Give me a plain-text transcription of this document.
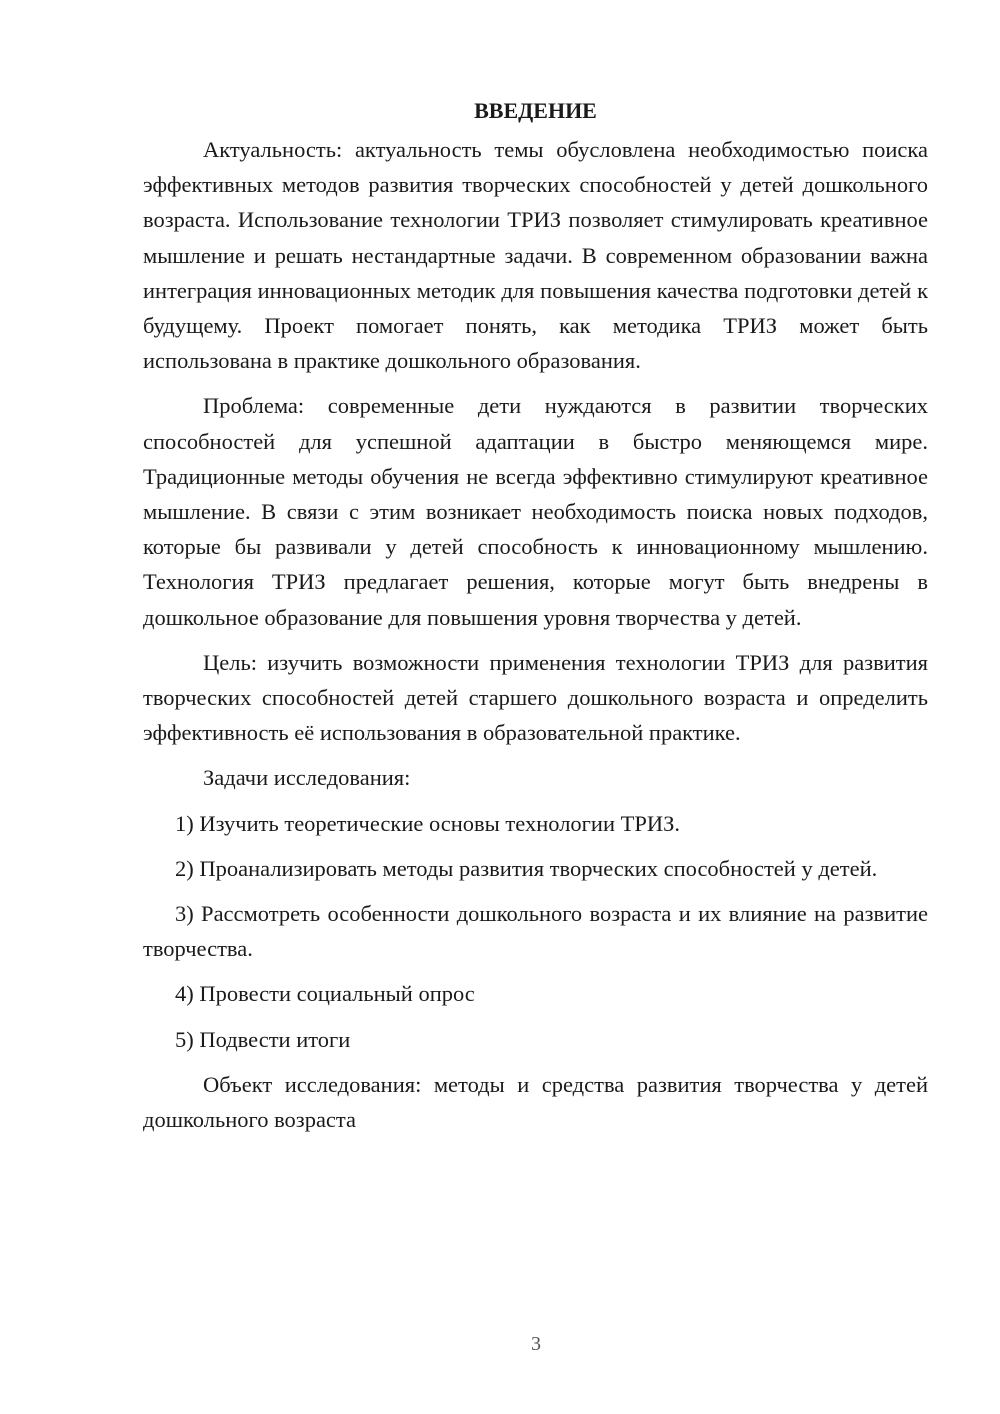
ВВЕДЕНИЕ

Актуальность: актуальность темы обусловлена необходимостью поиска эффективных методов развития творческих способностей у детей дошкольного возраста. Использование технологии ТРИЗ позволяет стимулировать креативное мышление и решать нестандартные задачи. В современном образовании важна интеграция инновационных методик для повышения качества подготовки детей к будущему. Проект помогает понять, как методика ТРИЗ может быть использована в практике дошкольного образования.

Проблема: современные дети нуждаются в развитии творческих способностей для успешной адаптации в быстро меняющемся мире. Традиционные методы обучения не всегда эффективно стимулируют креативное мышление. В связи с этим возникает необходимость поиска новых подходов, которые бы развивали у детей способность к инновационному мышлению. Технология ТРИЗ предлагает решения, которые могут быть внедрены в дошкольное образование для повышения уровня творчества у детей.

Цель: изучить возможности применения технологии ТРИЗ для развития творческих способностей детей старшего дошкольного возраста и определить эффективность её использования в образовательной практике.

Задачи исследования:

1) Изучить теоретические основы технологии ТРИЗ.

2) Проанализировать методы развития творческих способностей у детей.

3) Рассмотреть особенности дошкольного возраста и их влияние на развитие творчества.

4) Провести социальный опрос

5) Подвести итоги

Объект исследования: методы и средства развития творчества у детей дошкольного возраста

3
